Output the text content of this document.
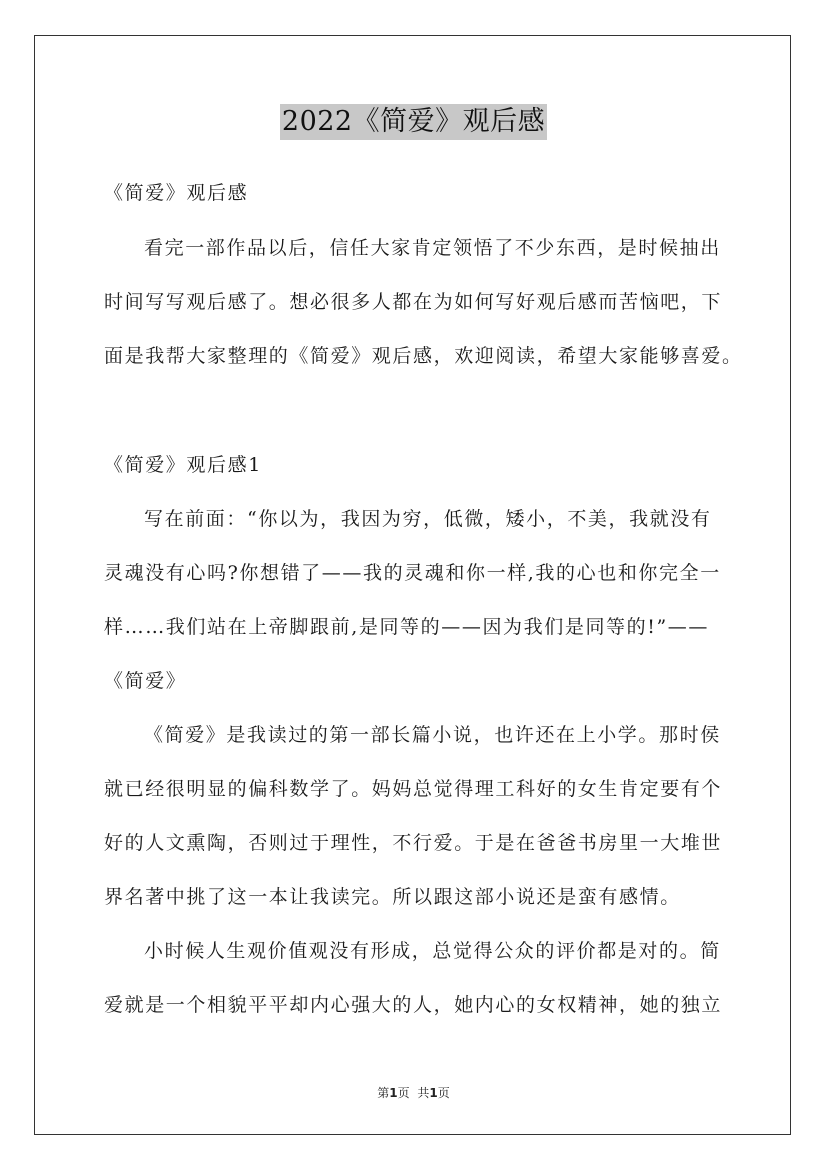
2022《简爱》观后感
《简爱》观后感
看完一部作品以后，信任大家肯定领悟了不少东西，是时候抽出
时间写写观后感了。想必很多人都在为如何写好观后感而苦恼吧，下
面是我帮大家整理的《简爱》观后感，欢迎阅读，希望大家能够喜爱。
《简爱》观后感1
写在前面：“你以为，我因为穷，低微，矮小，不美，我就没有
灵魂没有心吗?你想错了——我的灵魂和你一样,我的心也和你完全一
样……我们站在上帝脚跟前,是同等的——因为我们是同等的!”——
《简爱》
《简爱》是我读过的第一部长篇小说，也许还在上小学。那时侯
就已经很明显的偏科数学了。妈妈总觉得理工科好的女生肯定要有个
好的人文熏陶，否则过于理性，不行爱。于是在爸爸书房里一大堆世
界名著中挑了这一本让我读完。所以跟这部小说还是蛮有感情。
小时候人生观价值观没有形成，总觉得公众的评价都是对的。简
爱就是一个相貌平平却内心强大的人，她内心的女权精神，她的独立
第1页 共1页
